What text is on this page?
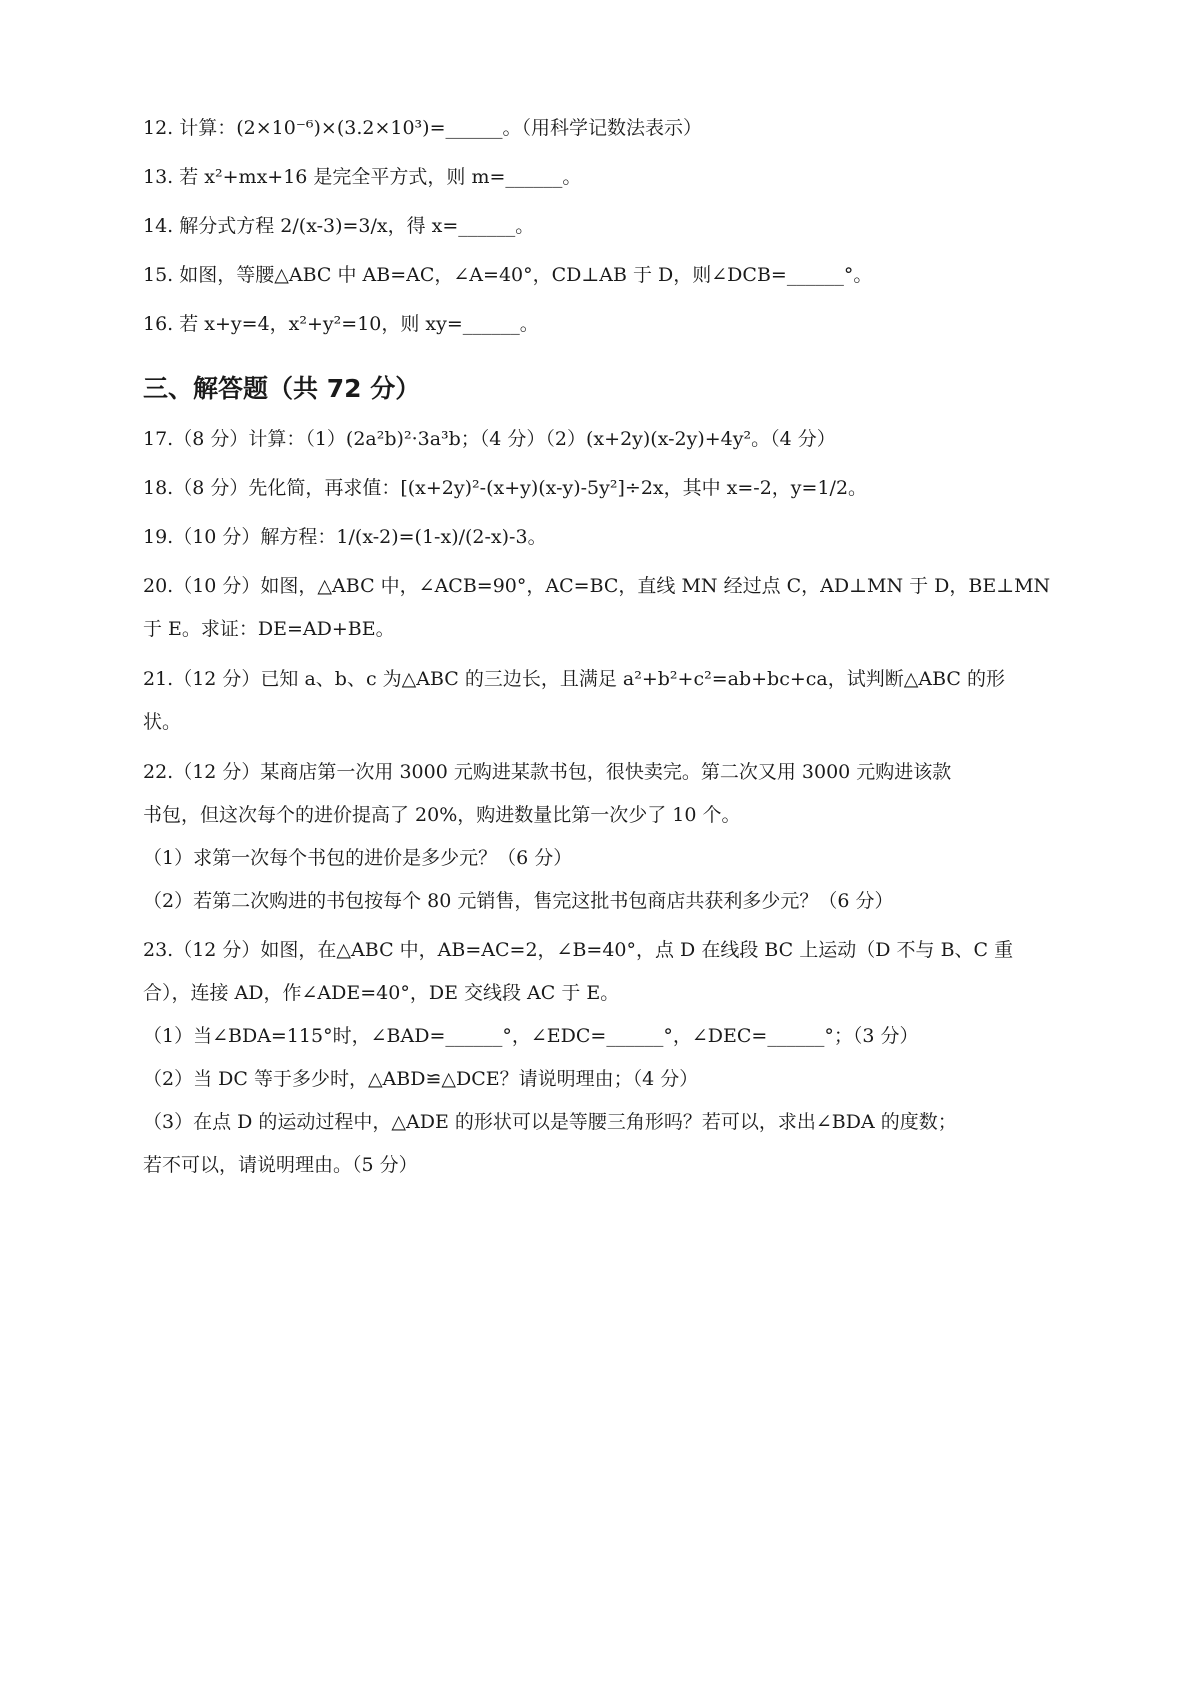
12. 计算：(2×10⁻⁶)×(3.2×10³)=______。（用科学记数法表示）
13. 若 x²+mx+16 是完全平方式，则 m=______。
14. 解分式方程 2/(x-3)=3/x，得 x=______。
15. 如图，等腰△ABC 中 AB=AC，∠A=40°，CD⊥AB 于 D，则∠DCB=______°。
16. 若 x+y=4，x²+y²=10，则 xy=______。
三、解答题（共 72 分）
17.（8 分）计算：（1）(2a²b)²·3a³b；（4 分）（2）(x+2y)(x-2y)+4y²。（4 分）
18.（8 分）先化简，再求值：[(x+2y)²-(x+y)(x-y)-5y²]÷2x，其中 x=-2，y=1/2。
19.（10 分）解方程：1/(x-2)=(1-x)/(2-x)-3。
20.（10 分）如图，△ABC 中，∠ACB=90°，AC=BC，直线 MN 经过点 C，AD⊥MN 于 D，BE⊥MN
于 E。求证：DE=AD+BE。
21.（12 分）已知 a、b、c 为△ABC 的三边长，且满足 a²+b²+c²=ab+bc+ca，试判断△ABC 的形
状。
22.（12 分）某商店第一次用 3000 元购进某款书包，很快卖完。第二次又用 3000 元购进该款
书包，但这次每个的进价提高了 20%，购进数量比第一次少了 10 个。
（1）求第一次每个书包的进价是多少元？（6 分）
（2）若第二次购进的书包按每个 80 元销售，售完这批书包商店共获利多少元？（6 分）
23.（12 分）如图，在△ABC 中，AB=AC=2，∠B=40°，点 D 在线段 BC 上运动（D 不与 B、C 重
合），连接 AD，作∠ADE=40°，DE 交线段 AC 于 E。
（1）当∠BDA=115°时，∠BAD=______°，∠EDC=______°，∠DEC=______°；（3 分）
（2）当 DC 等于多少时，△ABD≌△DCE？请说明理由；（4 分）
（3）在点 D 的运动过程中，△ADE 的形状可以是等腰三角形吗？若可以，求出∠BDA 的度数；
若不可以，请说明理由。（5 分）
